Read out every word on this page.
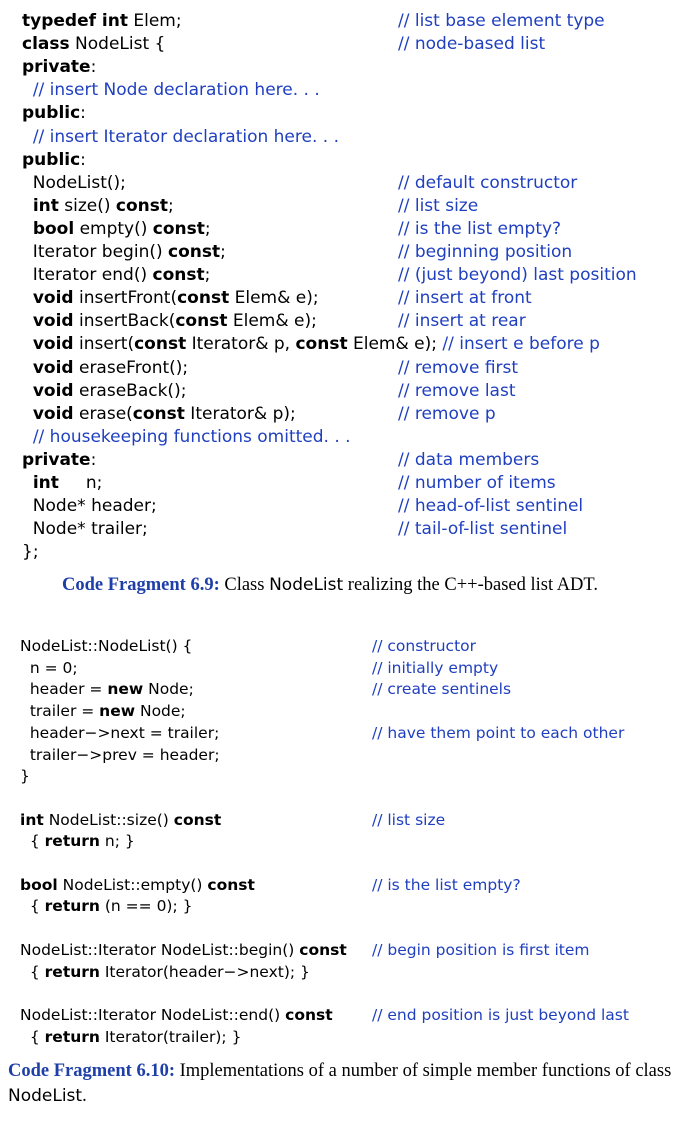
typedef int Elem;	// list base element type
class NodeList {	// node-based list
private:
// insert Node declaration here. . .
public:
// insert Iterator declaration here. . .
public:
NodeList();	// default constructor
int size() const;	// list size
bool empty() const;	// is the list empty?
Iterator begin() const;	// beginning position
Iterator end() const;	// (just beyond) last position
void insertFront(const Elem& e);	// insert at front
void insertBack(const Elem& e);	// insert at rear
void insert(const Iterator& p, const Elem& e); // insert e before p
void eraseFront();	// remove first
void eraseBack();	// remove last
void erase(const Iterator& p);	// remove p
// housekeeping functions omitted. . .
private:	// data members
int     n;	// number of items
Node* header;	// head-of-list sentinel
Node* trailer;	// tail-of-list sentinel
};
Code Fragment 6.9: Class NodeList realizing the C++-based list ADT.
NodeList::NodeList() {	// constructor
n = 0;	// initially empty
header = new Node;	// create sentinels
trailer = new Node;
header−>next = trailer;	// have them point to each other
trailer−>prev = header;
}
int NodeList::size() const	// list size
{ return n; }
bool NodeList::empty() const	// is the list empty?
{ return (n == 0); }
NodeList::Iterator NodeList::begin() const // begin position is first item
{ return Iterator(header−>next); }
NodeList::Iterator NodeList::end() const	// end position is just beyond last
{ return Iterator(trailer); }
Code Fragment 6.10: Implementations of a number of simple member functions of class NodeList.
